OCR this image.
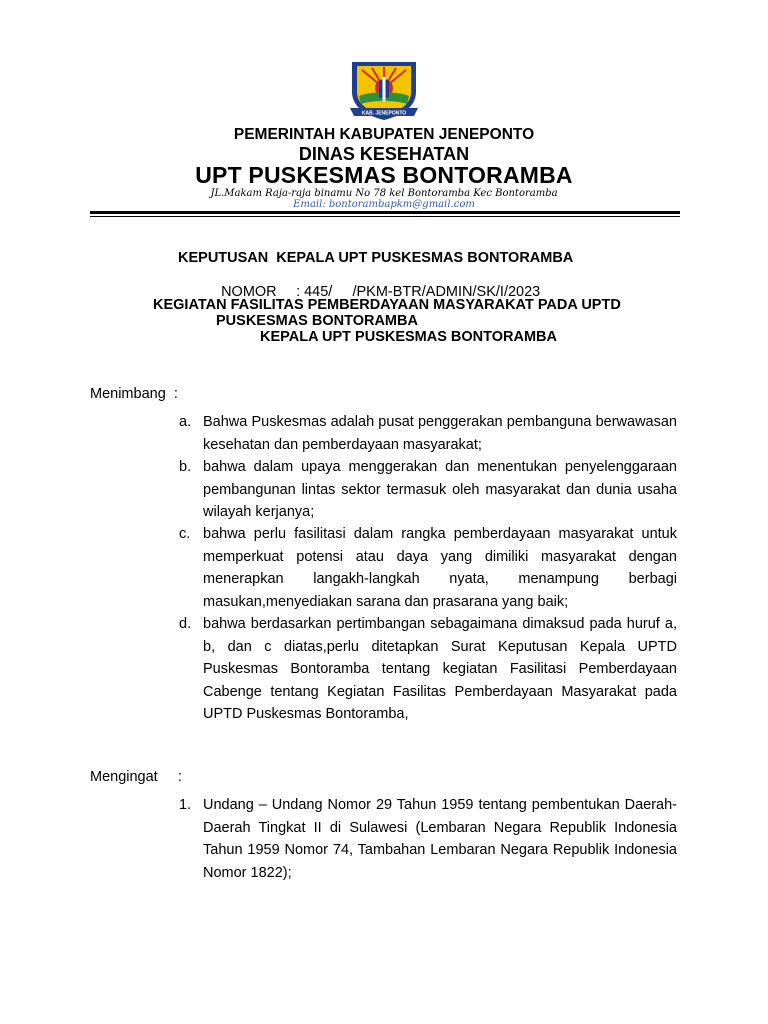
KAB. JENEPONTO
PEMERINTAH KABUPATEN JENEPONTO
DINAS KESEHATAN
UPT PUSKESMAS BONTORAMBA
JL.Makam Raja-raja binamu No 78 kel Bontoramba Kec Bontoramba
Email: bontorambapkm@gmail.com
KEPUTUSAN  KEPALA UPT PUSKESMAS BONTORAMBA

NOMOR : 445/     /PKM-BTR/ADMIN/SK/I/2023

KEGIATAN FASILITAS PEMBERDAYAAN MASYARAKAT PADA UPTD
PUSKESMAS BONTORAMBA
KEPALA UPT PUSKESMAS BONTORAMBA
Menimbang  :
a. Bahwa Puskesmas adalah pusat penggerakan pembanguna berwawasan kesehatan dan pemberdayaan masyarakat;
b. bahwa dalam upaya menggerakan dan menentukan penyelenggaraan pembangunan lintas sektor termasuk oleh masyarakat dan dunia usaha wilayah kerjanya;
c. bahwa perlu fasilitasi dalam rangka pemberdayaan masyarakat untuk memperkuat potensi atau daya yang dimiliki masyarakat dengan menerapkan langakh-langkah nyata, menampung berbagi masukan,menyediakan sarana dan prasarana yang baik;
d. bahwa berdasarkan pertimbangan sebagaimana dimaksud pada huruf a, b, dan c diatas,perlu ditetapkan Surat Keputusan Kepala UPTD Puskesmas Bontoramba tentang kegiatan Fasilitasi Pemberdayaan Cabenge tentang Kegiatan Fasilitas Pemberdayaan Masyarakat pada UPTD Puskesmas Bontoramba,
Mengingat     :
1. Undang – Undang Nomor 29 Tahun 1959 tentang pembentukan Daerah-Daerah Tingkat II di Sulawesi (Lembaran Negara Republik Indonesia Tahun 1959 Nomor 74, Tambahan Lembaran Negara Republik Indonesia Nomor 1822);
